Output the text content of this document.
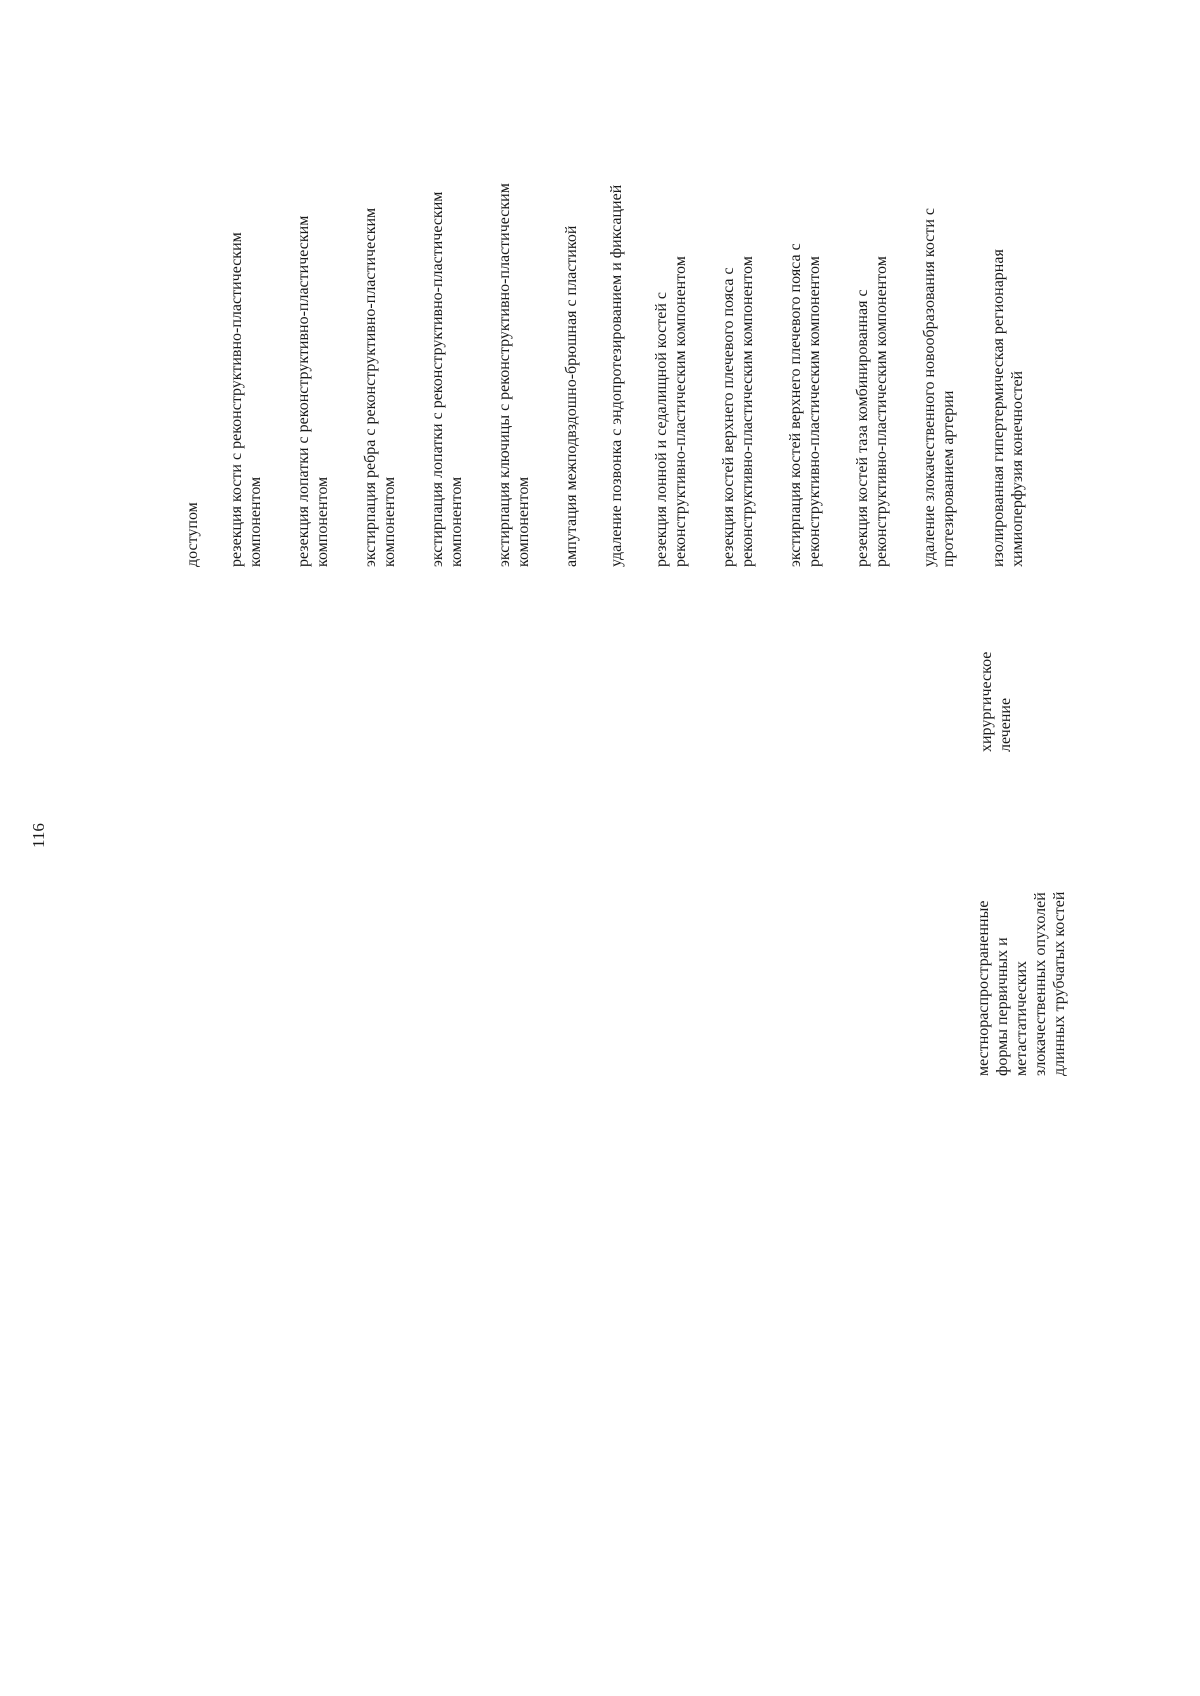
116
местнораспространенные формы первичных и метастатических злокачественных опухолей длинных трубчатых костей
хирургическое лечение
доступом резекция кости с реконструктивно-пластическим компонентом резекция лопатки с реконструктивно-пластическим компонентом экстирпация ребра с реконструктивно-пластическим компонентом экстирпация лопатки с реконструктивно-пластическим компонентом экстирпация ключицы с реконструктивно-пластическим компонентом ампутация межподвздошно-брюшная с пластикой удаление позвонка с эндопротезированием и фиксацией резекция лонной и седалищной костей с реконструктивно-пластическим компонентом резекция костей верхнего плечевого пояса с реконструктивно-пластическим компонентом экстирпация костей верхнего плечевого пояса с реконструктивно-пластическим компонентом резекция костей таза комбинированная с реконструктивно-пластическим компонентом удаление злокачественного новообразования кости с протезированием артерии изолированная гипертермическая регионарная химиоперфузия конечностей
